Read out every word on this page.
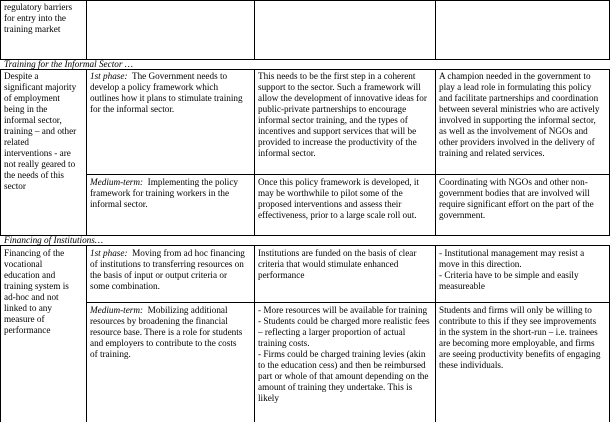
regulatory barriers for entry into the training market
Training for the Informal Sector …
Despite a significant majority of employment being in the informal sector, training – and other related interventions - are not really geared to the needs of this sector
1st phase: The Government needs to develop a policy framework which outlines how it plans to stimulate training for the informal sector.
This needs to be the first step in a coherent support to the sector. Such a framework will allow the development of innovative ideas for public-private partnerships to encourage informal sector training, and the types of incentives and support services that will be provided to increase the productivity of the informal sector.
A champion needed in the government to play a lead role in formulating this policy and facilitate partnerships and coordination between several ministries who are actively involved in supporting the informal sector, as well as the involvement of NGOs and other providers involved in the delivery of training and related services.
Medium-term: Implementing the policy framework for training workers in the informal sector.
Once this policy framework is developed, it may be worthwhile to pilot some of the proposed interventions and assess their effectiveness, prior to a large scale roll out.
Coordinating with NGOs and other non-government bodies that are involved will require significant effort on the part of the government.
Financing of Institutions…
Financing of the vocational education and training system is ad-hoc and not linked to any measure of performance
1st phase: Moving from ad hoc financing of institutions to transferring resources on the basis of input or output criteria or some combination.
Institutions are funded on the basis of clear criteria that would stimulate enhanced performance
- Institutional management may resist a move in this direction.
- Criteria have to be simple and easily measureable
Medium-term: Mobilizing additional resources by broadening the financial resource base. There is a role for students and employers to contribute to the costs of training.
- More resources will be available for training
- Students could be charged more realistic fees – reflecting a larger proportion of actual training costs.
- Firms could be charged training levies (akin to the education cess) and then be reimbursed part or whole of that amount depending on the amount of training they undertake. This is likely
Students and firms will only be willing to contribute to this if they see improvements in the system in the short-run – i.e. trainees are becoming more employable, and firms are seeing productivity benefits of engaging these individuals.
